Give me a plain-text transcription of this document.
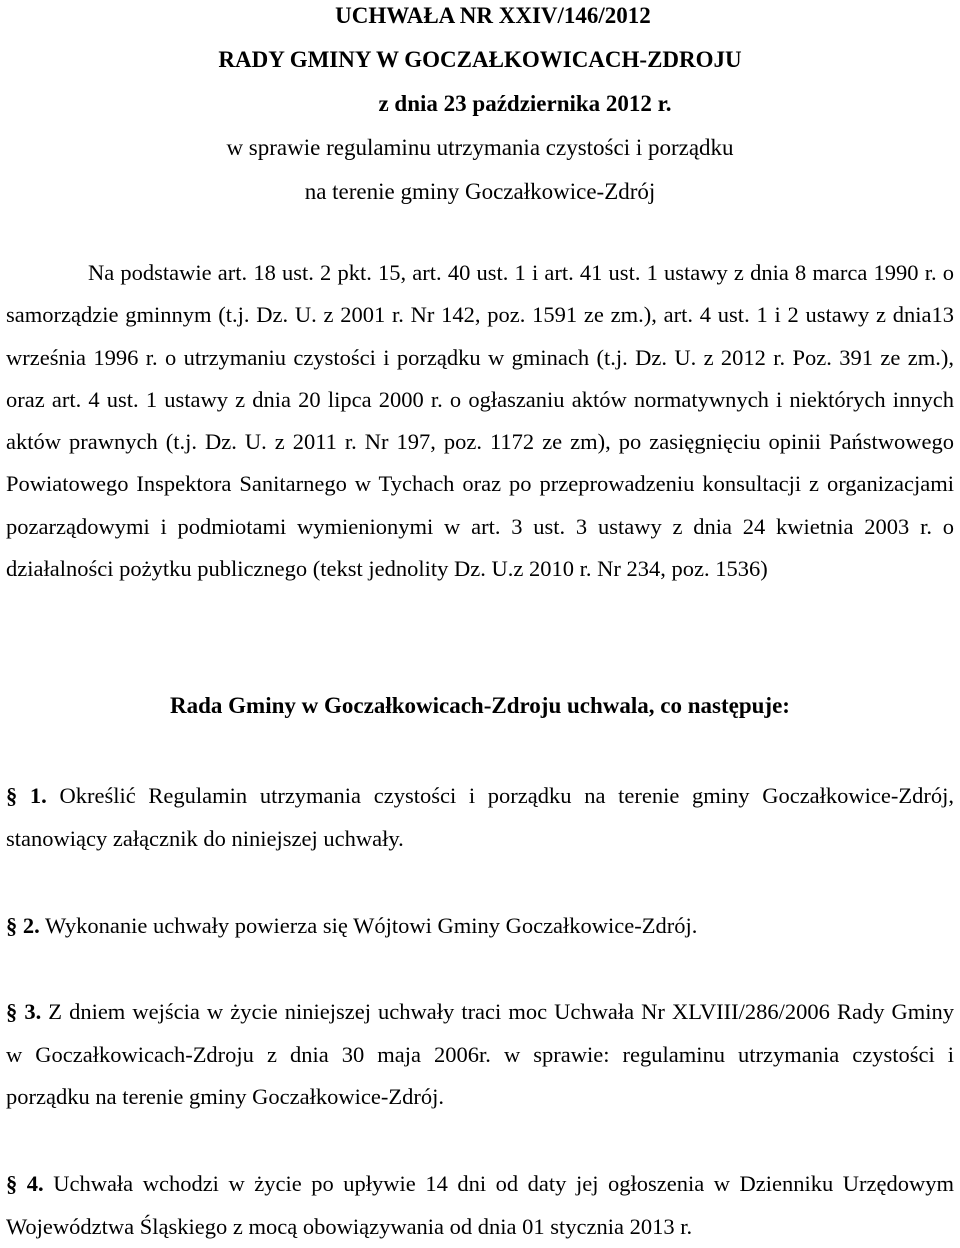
UCHWAŁA NR XXIV/146/2012
RADY GMINY W GOCZAŁKOWICACH-ZDROJU
z dnia 23 października 2012 r.
w sprawie regulaminu utrzymania czystości i porządku
na terenie gminy Goczałkowice-Zdrój

Na podstawie art. 18 ust. 2 pkt. 15, art. 40 ust. 1 i art. 41 ust. 1 ustawy z dnia 8 marca 1990 r. o samorządzie gminnym (t.j. Dz. U. z 2001 r. Nr 142, poz. 1591 ze zm.), art. 4 ust. 1 i 2 ustawy z dnia13 września 1996 r. o utrzymaniu czystości i porządku w gminach (t.j. Dz. U. z 2012 r. Poz. 391 ze zm.), oraz art. 4 ust. 1 ustawy z dnia 20 lipca 2000 r. o ogłaszaniu aktów normatywnych i niektórych innych aktów prawnych (t.j. Dz. U. z 2011 r. Nr 197, poz. 1172 ze zm), po zasięgnięciu opinii Państwowego Powiatowego Inspektora Sanitarnego w Tychach oraz po przeprowadzeniu konsultacji z organizacjami pozarządowymi i podmiotami wymienionymi w art. 3 ust. 3 ustawy z dnia 24 kwietnia 2003 r. o działalności pożytku publicznego (tekst jednolity Dz. U.z 2010 r. Nr 234, poz. 1536)

Rada Gminy w Goczałkowicach-Zdroju uchwala, co następuje:

§ 1. Określić Regulamin utrzymania czystości i porządku na terenie gminy Goczałkowice-Zdrój, stanowiący załącznik do niniejszej uchwały.

§ 2. Wykonanie uchwały powierza się Wójtowi Gminy Goczałkowice-Zdrój.

§ 3. Z dniem wejścia w życie niniejszej uchwały traci moc Uchwała Nr XLVIII/286/2006 Rady Gminy w Goczałkowicach-Zdroju z dnia 30 maja 2006r. w sprawie: regulaminu utrzymania czystości i porządku na terenie gminy Goczałkowice-Zdrój.

§ 4. Uchwała wchodzi w życie po upływie 14 dni od daty jej ogłoszenia w Dzienniku Urzędowym Województwa Śląskiego z mocą obowiązywania od dnia 01 stycznia 2013 r.
